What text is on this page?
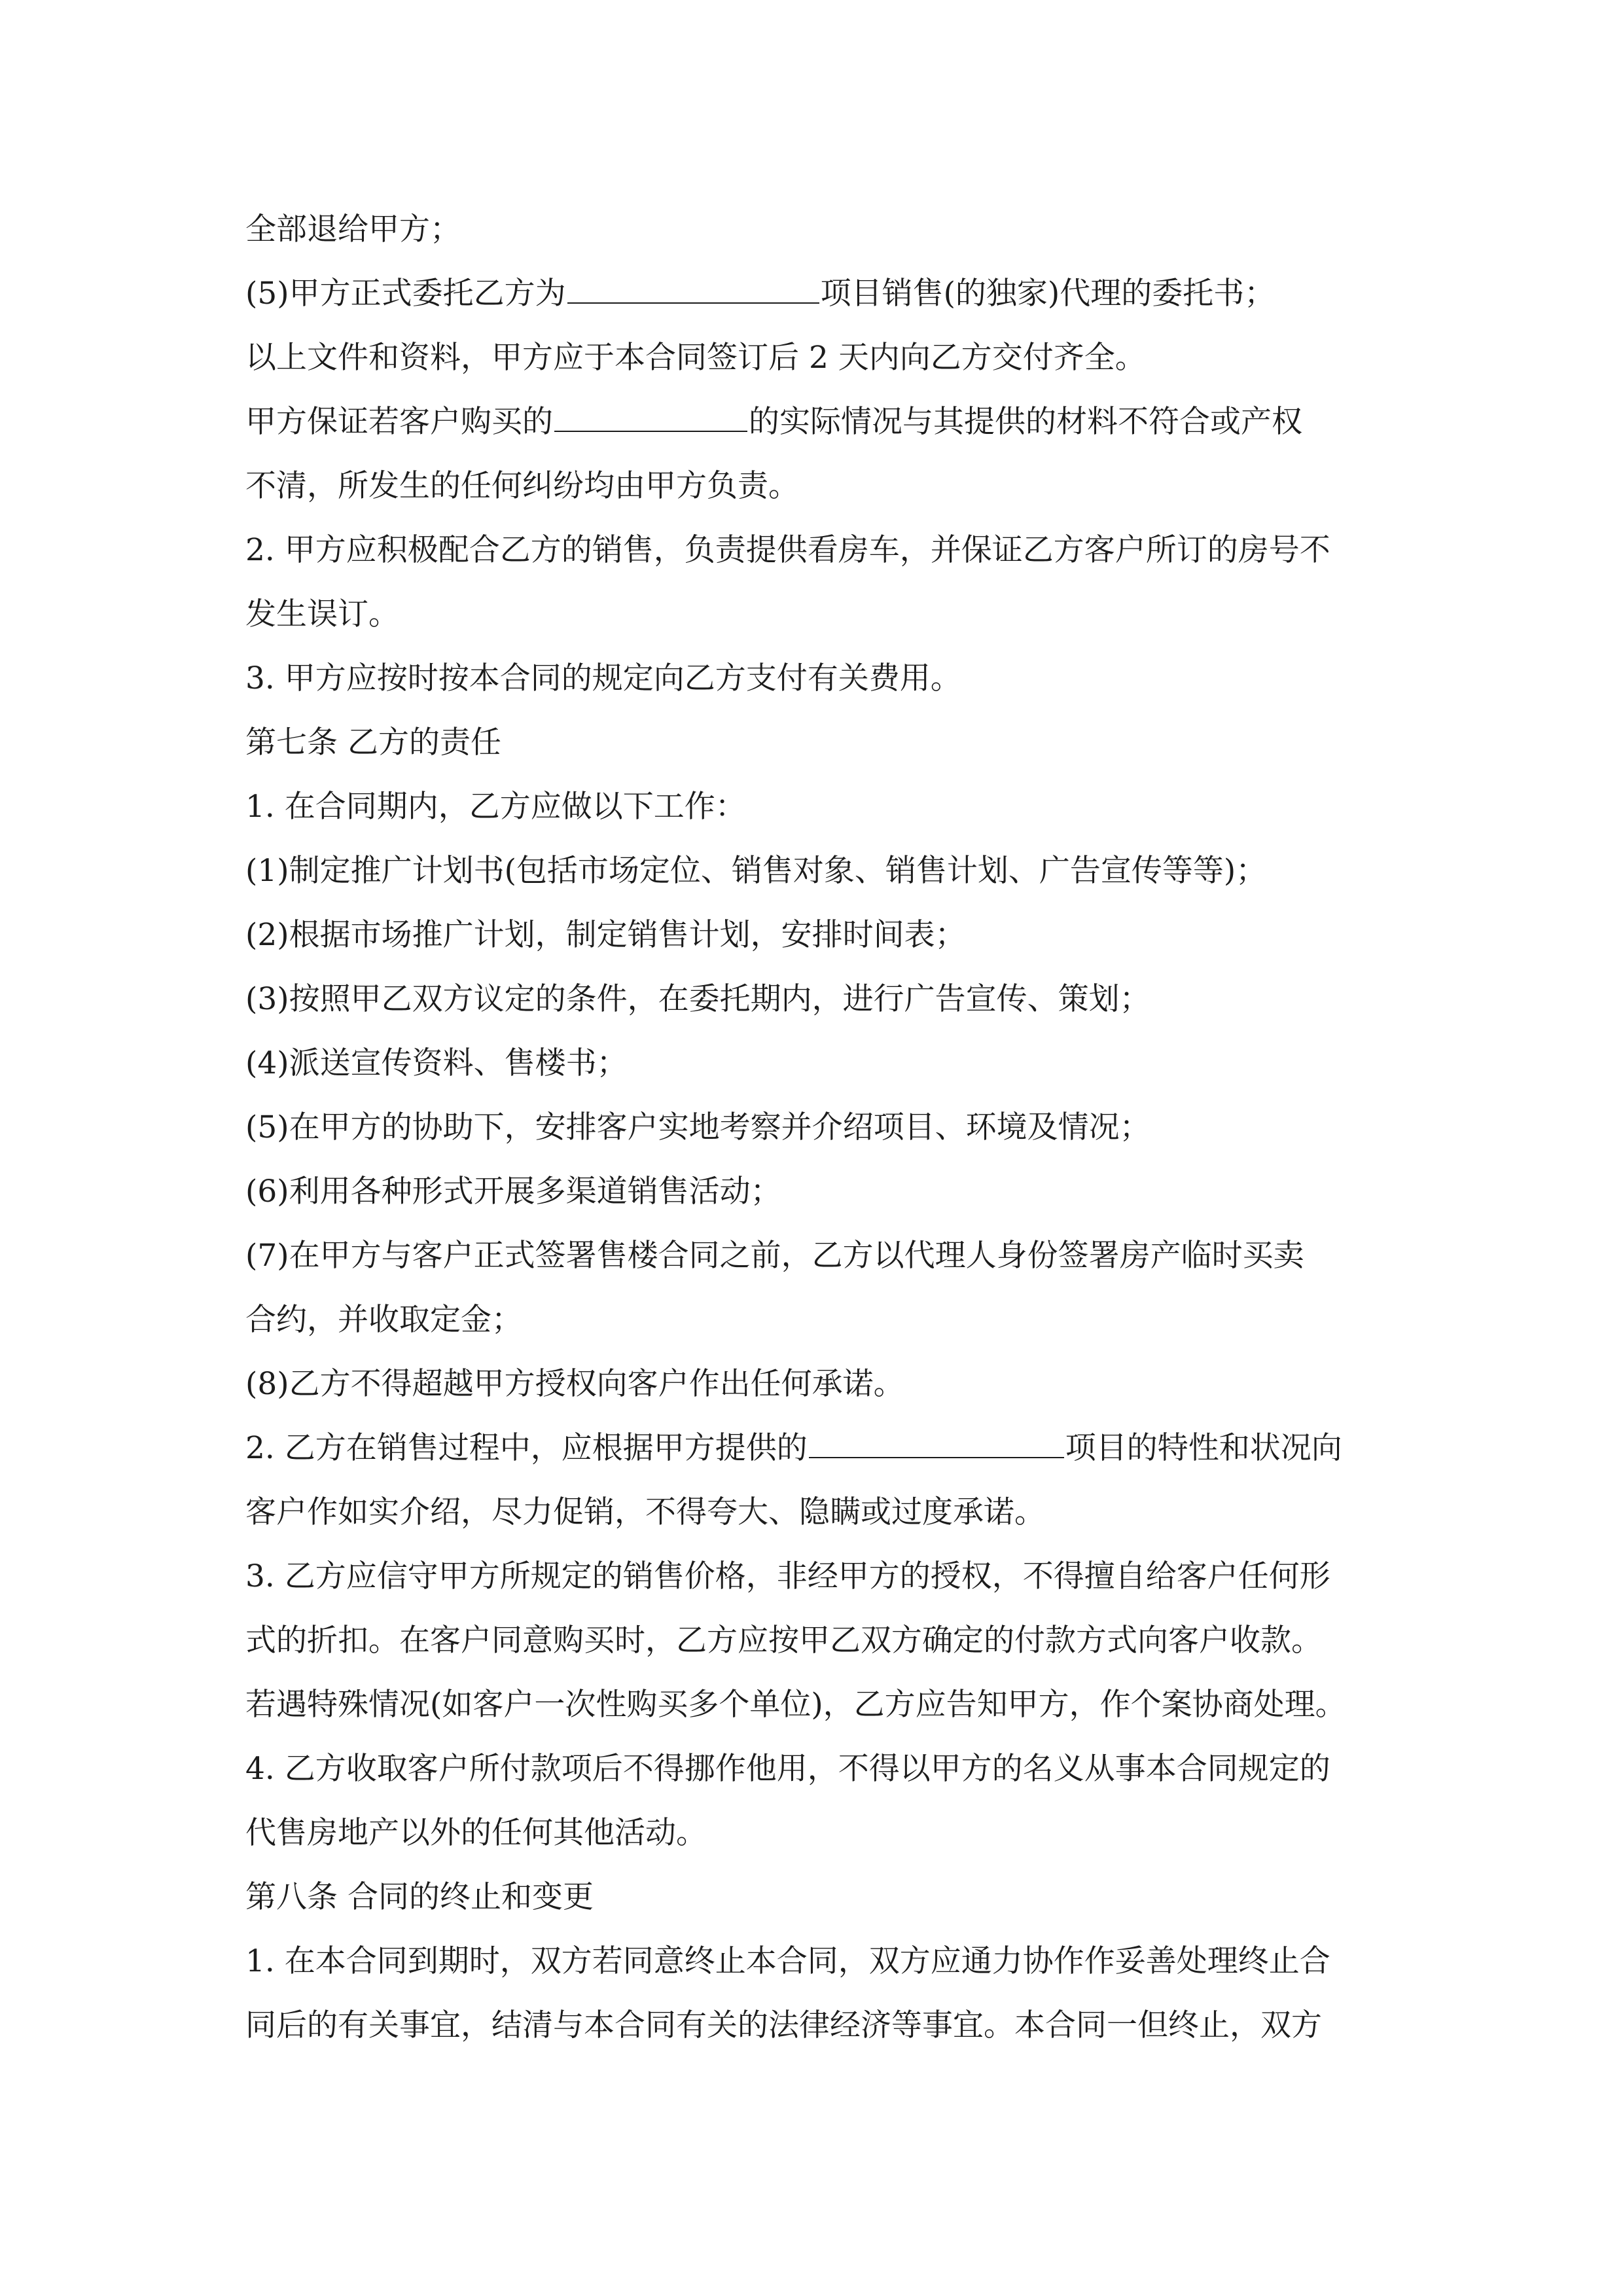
全部退给甲方；
(5)甲方正式委托乙方为	项目销售(的独家)代理的委托书；
以上文件和资料，甲方应于本合同签订后 2 天内向乙方交付齐全。
甲方保证若客户购买的	的实际情况与其提供的材料不符合或产权
不清，所发生的任何纠纷均由甲方负责。
2. 甲方应积极配合乙方的销售，负责提供看房车，并保证乙方客户所订的房号不
发生误订。
3. 甲方应按时按本合同的规定向乙方支付有关费用。
第七条 乙方的责任
1. 在合同期内，乙方应做以下工作：
(1)制定推广计划书(包括市场定位、销售对象、销售计划、广告宣传等等)；
(2)根据市场推广计划，制定销售计划，安排时间表；
(3)按照甲乙双方议定的条件，在委托期内，进行广告宣传、策划；
(4)派送宣传资料、售楼书；
(5)在甲方的协助下，安排客户实地考察并介绍项目、环境及情况；
(6)利用各种形式开展多渠道销售活动；
(7)在甲方与客户正式签署售楼合同之前，乙方以代理人身份签署房产临时买卖
合约，并收取定金；
(8)乙方不得超越甲方授权向客户作出任何承诺。
2. 乙方在销售过程中，应根据甲方提供的	项目的特性和状况向
客户作如实介绍，尽力促销，不得夸大、隐瞒或过度承诺。
3. 乙方应信守甲方所规定的销售价格，非经甲方的授权，不得擅自给客户任何形
式的折扣。在客户同意购买时，乙方应按甲乙双方确定的付款方式向客户收款。
若遇特殊情况(如客户一次性购买多个单位)，乙方应告知甲方，作个案协商处理。
4. 乙方收取客户所付款项后不得挪作他用，不得以甲方的名义从事本合同规定的
代售房地产以外的任何其他活动。
第八条 合同的终止和变更
1. 在本合同到期时，双方若同意终止本合同，双方应通力协作作妥善处理终止合
同后的有关事宜，结清与本合同有关的法律经济等事宜。本合同一但终止，双方
